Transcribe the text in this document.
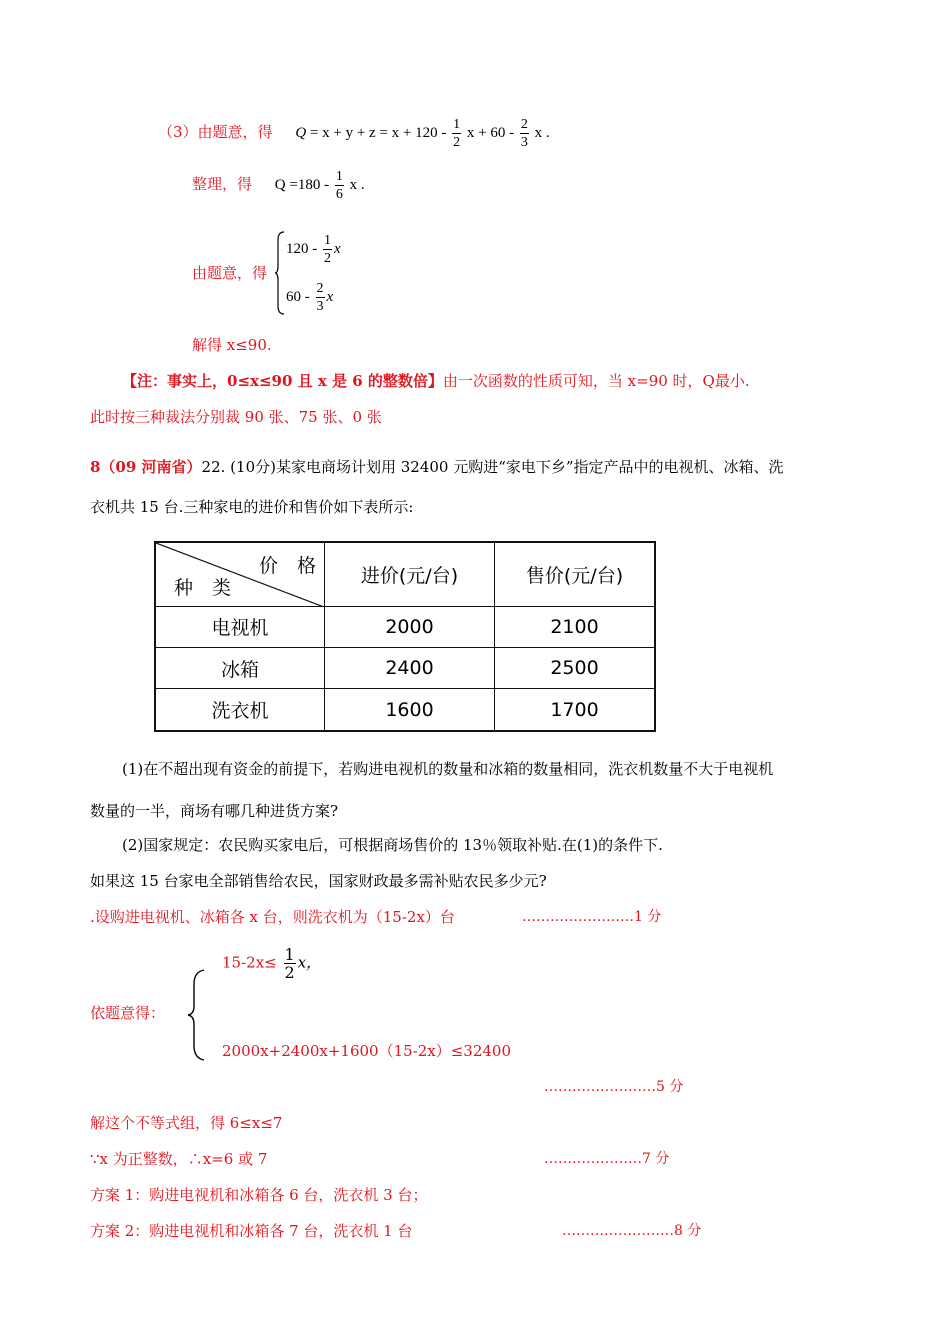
（3）由题意，得 $Q = x + y + z = x + 120 - \frac{1}{2}$ $x + 60 - \frac{2}{3}$ x .
整理，得 $Q =180 - \frac{1}{6}$ x .
由题意，得
$120 - \frac{1}{2}$ x
$60 - \frac{2}{3}$ x
解得 x≤90.
【注：事实上，0≤x≤90 且 x 是 6 的整数倍】由一次函数的性质可知，当 x=90 时，Q最小.
此时按三种裁法分别裁 90 张、75 张、0 张
8（09 河南省）22. (10分)某家电商场计划用 32400 元购进“家电下乡”指定产品中的电视机、冰箱、洗
衣机共 15 台.三种家电的进价和售价如下表所示:
价　格
种　类	进价(元/台)	售价(元/台)
电视机	2000	2100
冰箱	2400	2500
洗衣机	1600	1700
(1)在不超出现有资金的前提下，若购进电视机的数量和冰箱的数量相同，洗衣机数量不大于电视机
数量的一半，商场有哪几种进货方案?
(2)国家规定：农民购买家电后，可根据商场售价的 13％领取补贴.在(1)的条件下.
如果这 15 台家电全部销售给农民，国家财政最多需补贴农民多少元?
.设购进电视机、冰箱各 x 台，则洗衣机为（15-2x）台	……………………1 分
$15-2x\le \frac{1}{2}$ x，
依题意得：
2000x+2400x+1600（15-2x）≤32400
……………………5 分
解这个不等式组，得 6≤x≤7
∵x 为正整数，∴x=6 或 7	…………………7 分
方案 1：购进电视机和冰箱各 6 台，洗衣机 3 台；
方案 2：购进电视机和冰箱各 7 台，洗衣机 1 台	……………………8 分
